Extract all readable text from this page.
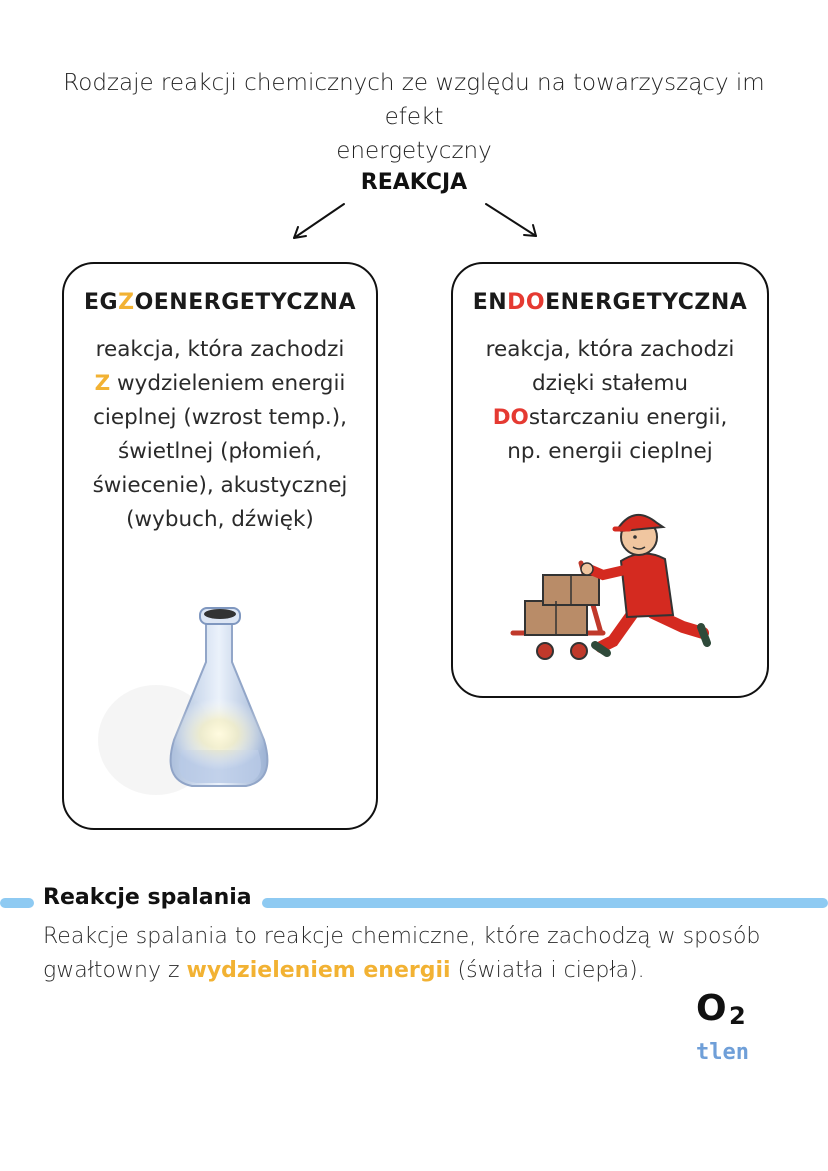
Rodzaje reakcji chemicznych ze względu na towarzyszący im efekt
energetyczny
REAKCJA
EGZOENERGETYCZNA
reakcja, która zachodzi
Z wydzieleniem energii
cieplnej (wzrost temp.),
świetlnej (płomień,
świecenie), akustycznej
(wybuch, dźwięk)
ENDOENERGETYCZNA
reakcja, która zachodzi
dzięki stałemu
DOstarczaniu energii,
np. energii cieplnej
Reakcje spalania
Reakcje spalania to reakcje chemiczne, które zachodzą w sposób
gwałtowny z wydzieleniem energii (światła i ciepła).
O 2
tlen
